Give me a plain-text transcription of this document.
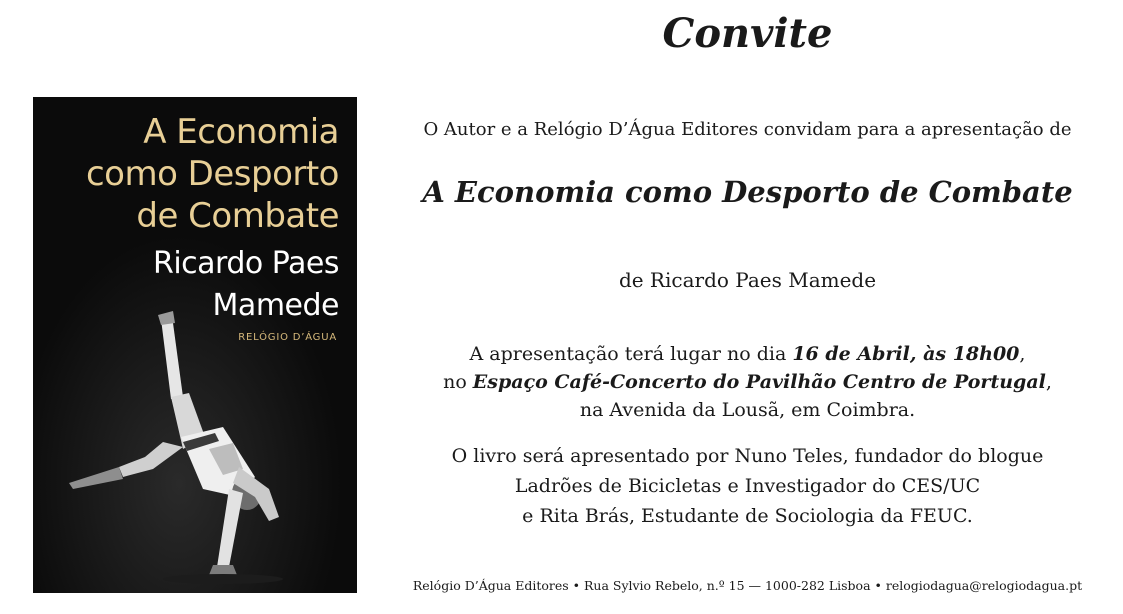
A Economia
como Desporto
de Combate
Ricardo Paes
Mamede
RELÓGIO D’ÁGUA
Convite
O Autor e a Relógio D’Água Editores convidam para a apresentação de
A Economia como Desporto de Combate
de Ricardo Paes Mamede
A apresentação terá lugar no dia 16 de Abril, às 18h00,
no Espaço Café-Concerto do Pavilhão Centro de Portugal,
na Avenida da Lousã, em Coimbra.
O livro será apresentado por Nuno Teles, fundador do blogue
Ladrões de Bicicletas e Investigador do CES/UC
e Rita Brás, Estudante de Sociologia da FEUC.
Relógio D’Água Editores • Rua Sylvio Rebelo, n.º 15 — 1000-282 Lisboa • relogiodagua@relogiodagua.pt
